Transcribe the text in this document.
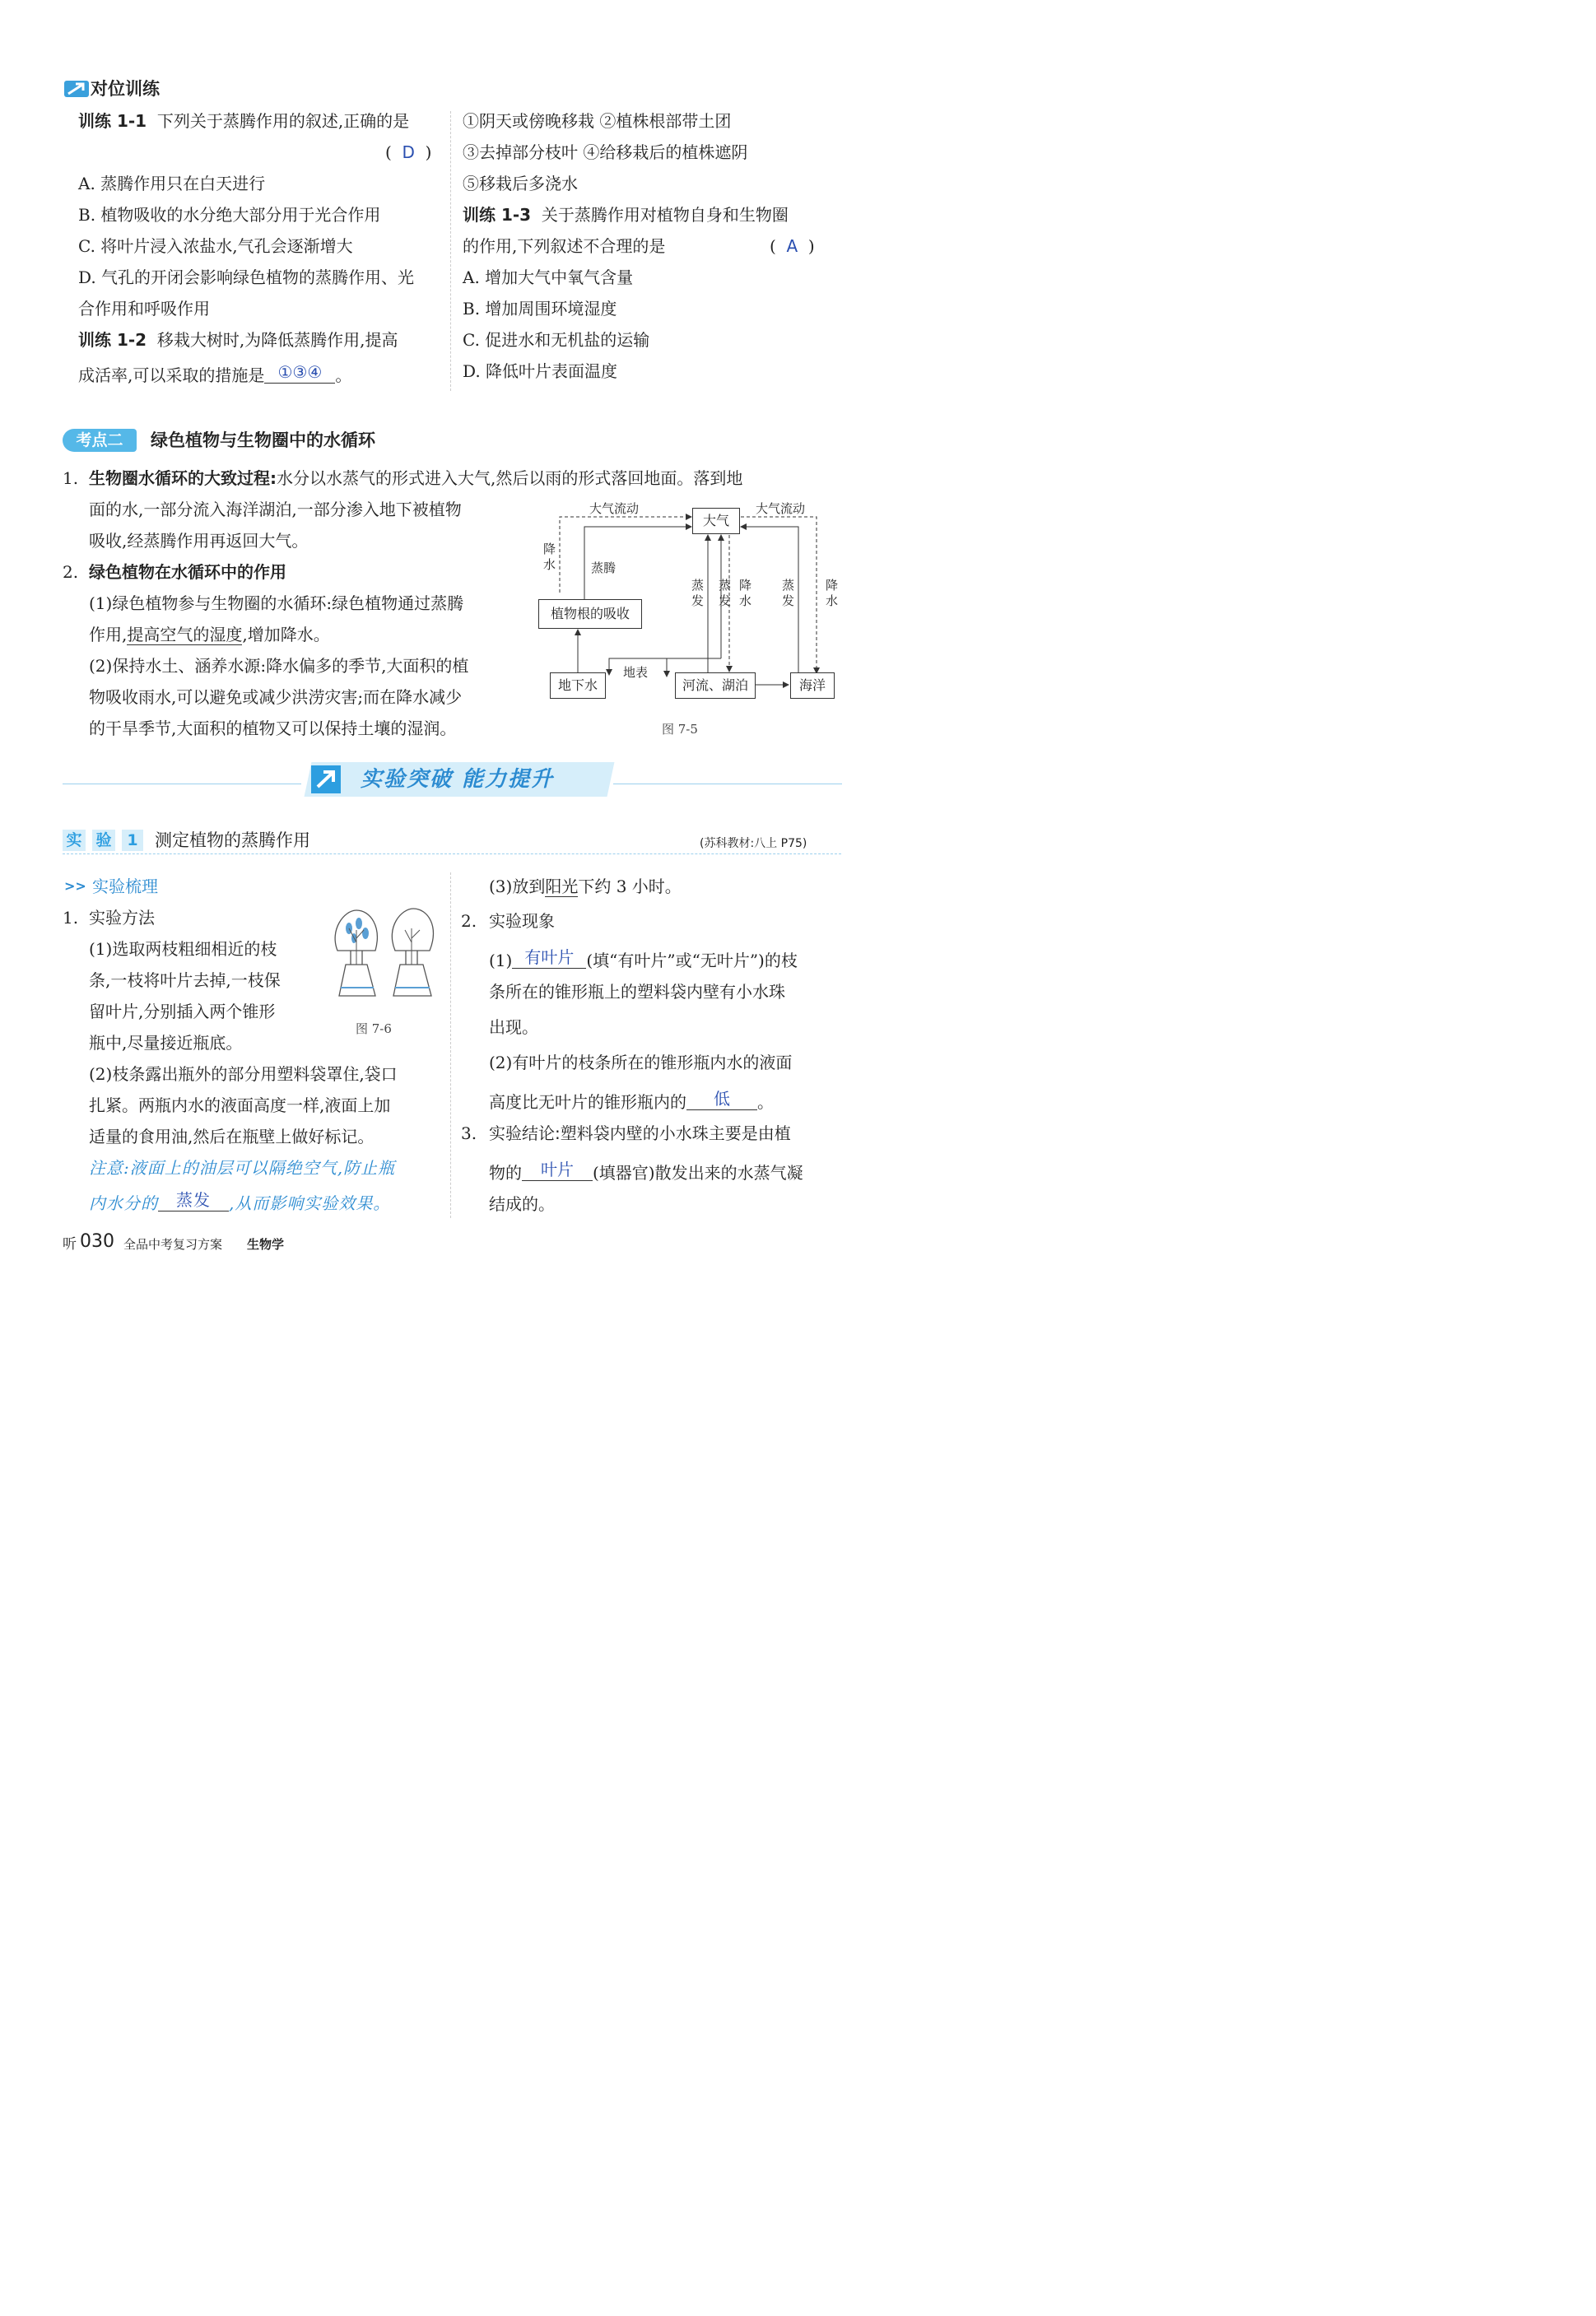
对位训练
训练 1-1 下列关于蒸腾作用的叙述,正确的是
(  D  )
A. 蒸腾作用只在白天进行
B. 植物吸收的水分绝大部分用于光合作用
C. 将叶片浸入浓盐水,气孔会逐渐增大
D. 气孔的开闭会影响绿色植物的蒸腾作用、光
合作用和呼吸作用
训练 1-2 移栽大树时,为降低蒸腾作用,提高
成活率,可以采取的措施是 ①③④ 。
①阴天或傍晚移栽 ②植株根部带土团
③去掉部分枝叶 ④给移栽后的植株遮阴
⑤移栽后多浇水
训练 1-3 关于蒸腾作用对植物自身和生物圈
的作用,下列叙述不合理的是	(  A  )
A. 增加大气中氧气含量
B. 增加周围环境湿度
C. 促进水和无机盐的运输
D. 降低叶片表面温度
考点二	绿色植物与生物圈中的水循环
1. 生物圈水循环的大致过程:水分以水蒸气的形式进入大气,然后以雨的形式落回地面。落到地
面的水,一部分流入海洋湖泊,一部分渗入地下被植物
吸收,经蒸腾作用再返回大气。
2. 绿色植物在水循环中的作用
(1)绿色植物参与生物圈的水循环:绿色植物通过蒸腾
作用,提高空气的湿度,增加降水。
(2)保持水土、涵养水源:降水偏多的季节,大面积的植
物吸收雨水,可以避免或减少洪涝灾害;而在降水减少
的干旱季节,大面积的植物又可以保持土壤的湿润。
大气
植物根的吸收
地下水	河流、湖泊	海洋
大气流动	大气流动
降水	蒸腾
蒸发
蒸发
降水
蒸发
降水
地表
图 7-5
实验突破 能力提升
实 验 1 测定植物的蒸腾作用	(苏科教材:八上 P75)
>> 实验梳理
1. 实验方法
(1)选取两枝粗细相近的枝
条,一枝将叶片去掉,一枝保
留叶片,分别插入两个锥形
瓶中,尽量接近瓶底。
图 7-6
(2)枝条露出瓶外的部分用塑料袋罩住,袋口
扎紧。两瓶内水的液面高度一样,液面上加
适量的食用油,然后在瓶壁上做好标记。
注意:液面上的油层可以隔绝空气,防止瓶
内水分的 蒸发 ,从而影响实验效果。
(3)放到阳光下约 3 小时。
2. 实验现象
(1) 有叶片 (填“有叶片”或“无叶片”)的枝
条所在的锥形瓶上的塑料袋内壁有小水珠
出现。
(2)有叶片的枝条所在的锥形瓶内水的液面
高度比无叶片的锥形瓶内的 低 。
3. 实验结论:塑料袋内壁的小水珠主要是由植
物的 叶片 (填器官)散发出来的水蒸气凝
结成的。
听 030 全品中考复习方案 生物学
